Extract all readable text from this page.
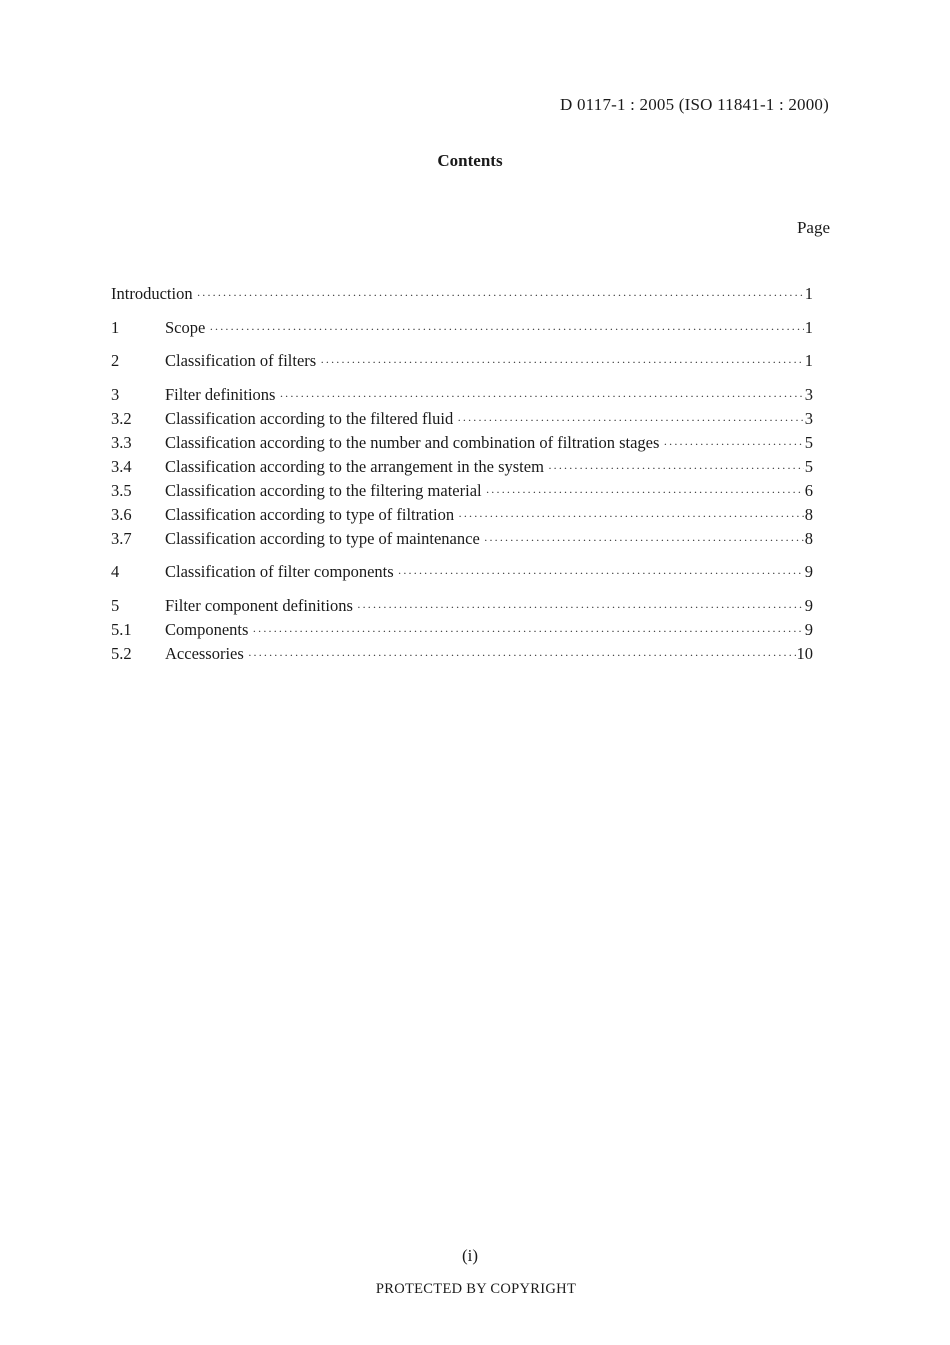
D 0117-1 : 2005 (ISO 11841-1 : 2000)
Contents
Page
Introduction ·····	1
1	Scope ·····	1
2	Classification of filters ·····	1
3	Filter definitions ·····	3
3.2	Classification according to the filtered fluid ·····	3
3.3	Classification according to the number and combination of filtration stages ·····	5
3.4	Classification according to the arrangement in the system ·····	5
3.5	Classification according to the filtering material ·····	6
3.6	Classification according to type of filtration ·····	8
3.7	Classification according to type of maintenance ·····	8
4	Classification of filter components ·····	9
5	Filter component definitions ·····	9
5.1	Components ·····	9
5.2	Accessories ·····	10
(i)
PROTECTED BY COPYRIGHT
